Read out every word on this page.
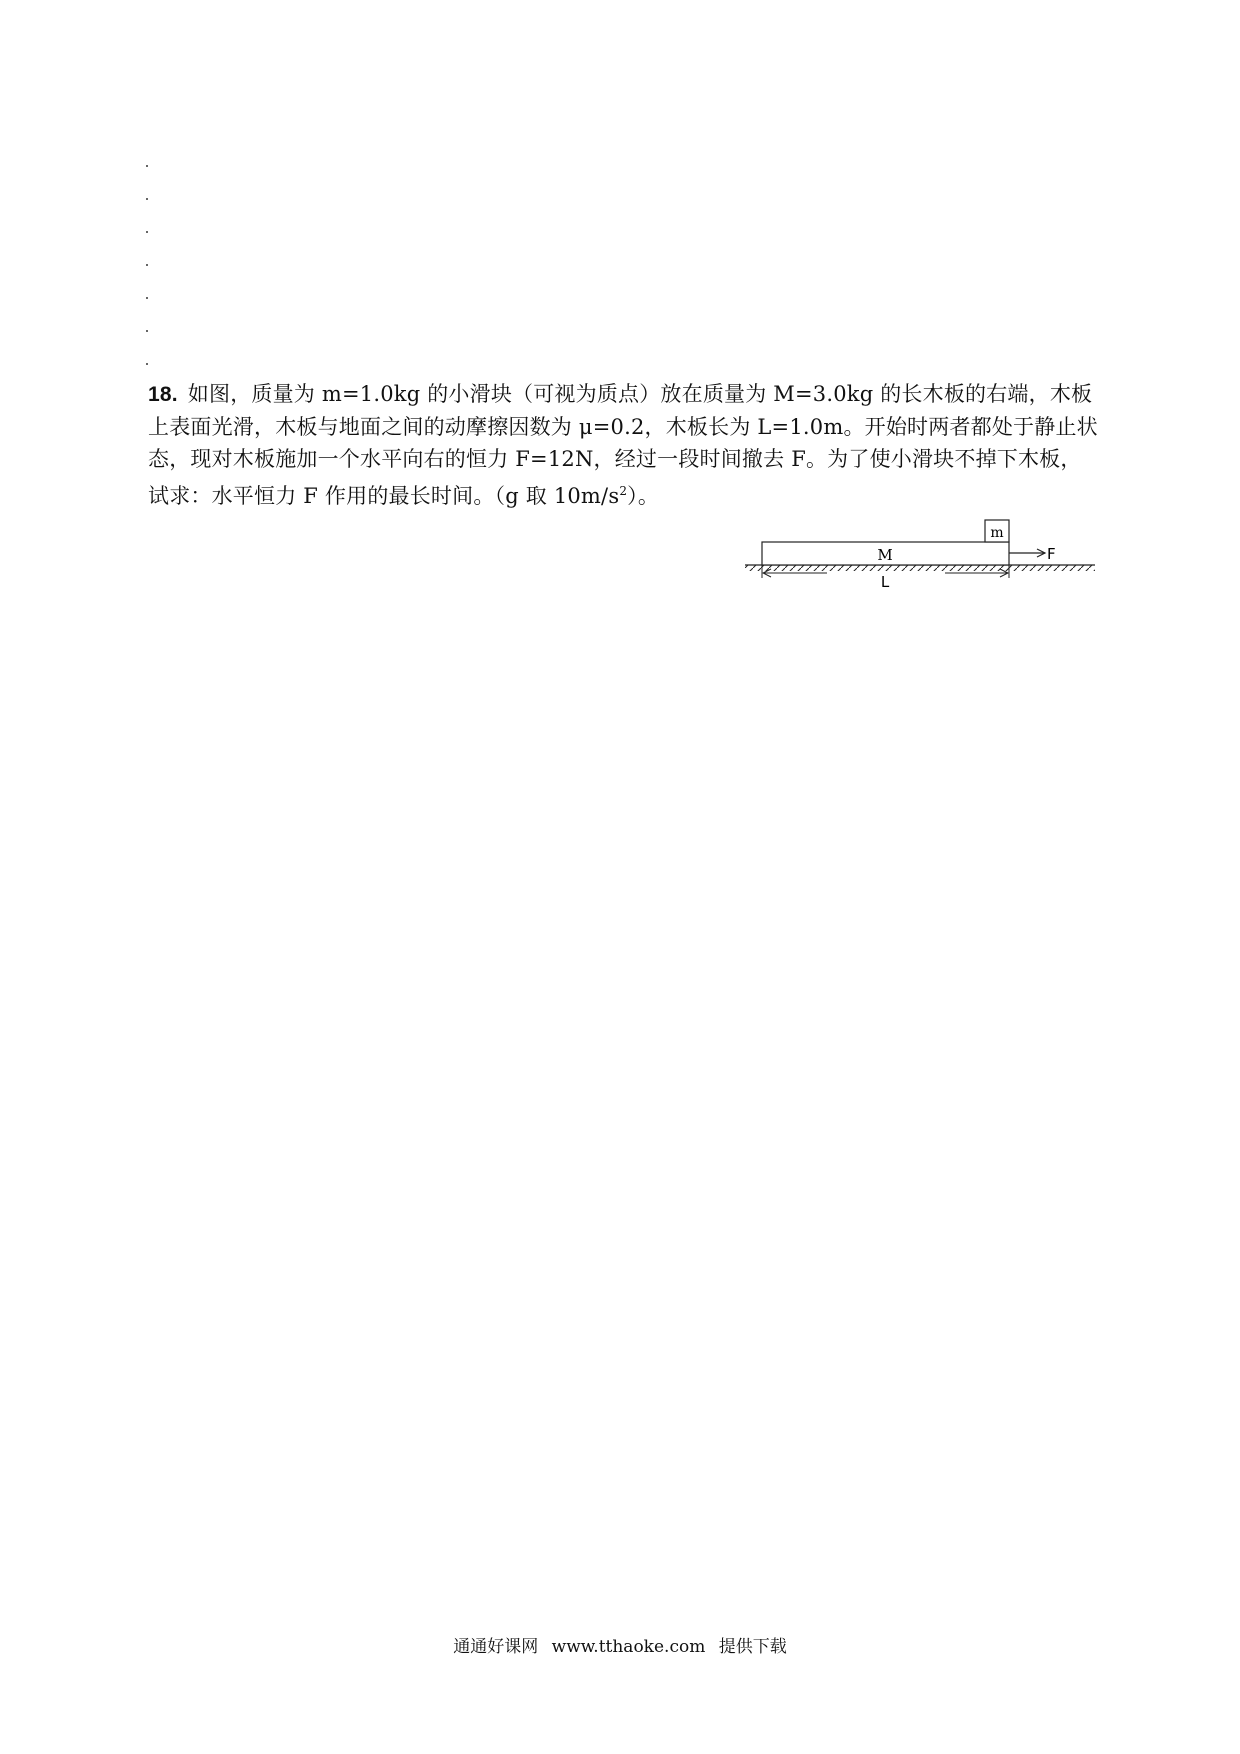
18. 如图，质量为 m=1.0kg 的小滑块（可视为质点）放在质量为 M=3.0kg 的长木板的右端，木板上表面光滑，木板与地面之间的动摩擦因数为 μ=0.2，木板长为 L=1.0m。开始时两者都处于静止状态，现对木板施加一个水平向右的恒力 F=12N，经过一段时间撤去 F。为了使小滑块不掉下木板，试求：水平恒力 F 作用的最长时间。（g 取 $10m/s^2$）。
M
m
F
L
通通好课网 www.tthaoke.com 提供下载
